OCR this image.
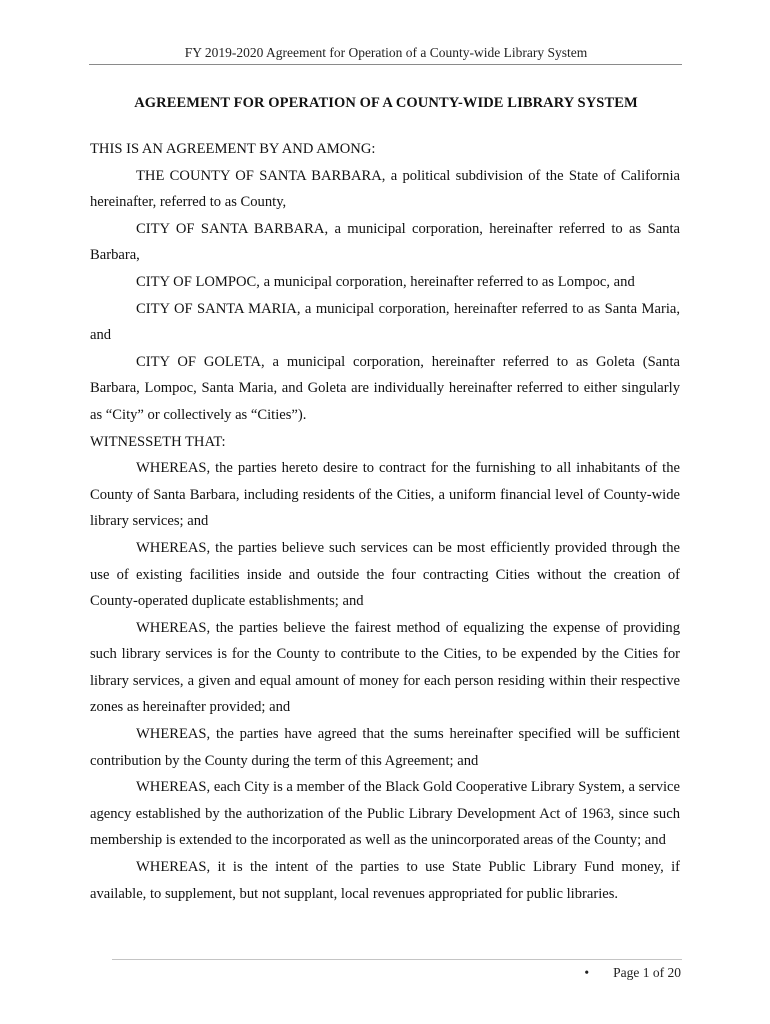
FY 2019-2020 Agreement for Operation of a County-wide Library System
AGREEMENT FOR OPERATION OF A COUNTY-WIDE LIBRARY SYSTEM

THIS IS AN AGREEMENT BY AND AMONG:

THE COUNTY OF SANTA BARBARA, a political subdivision of the State of California hereinafter, referred to as County,

CITY OF SANTA BARBARA, a municipal corporation, hereinafter referred to as Santa Barbara,

CITY OF LOMPOC, a municipal corporation, hereinafter referred to as Lompoc, and

CITY OF SANTA MARIA, a municipal corporation, hereinafter referred to as Santa Maria, and

CITY OF GOLETA, a municipal corporation, hereinafter referred to as Goleta (Santa Barbara, Lompoc, Santa Maria, and Goleta are individually hereinafter referred to either singularly as “City” or collectively as “Cities”).

WITNESSETH THAT:

WHEREAS, the parties hereto desire to contract for the furnishing to all inhabitants of the County of Santa Barbara, including residents of the Cities, a uniform financial level of County-wide library services; and

WHEREAS, the parties believe such services can be most efficiently provided through the use of existing facilities inside and outside the four contracting Cities without the creation of County-operated duplicate establishments; and

WHEREAS, the parties believe the fairest method of equalizing the expense of providing such library services is for the County to contribute to the Cities, to be expended by the Cities for library services, a given and equal amount of money for each person residing within their respective zones as hereinafter provided; and

WHEREAS, the parties have agreed that the sums hereinafter specified will be sufficient contribution by the County during the term of this Agreement; and

WHEREAS, each City is a member of the Black Gold Cooperative Library System, a service agency established by the authorization of the Public Library Development Act of 1963, since such membership is extended to the incorporated as well as the unincorporated areas of the County; and

WHEREAS, it is the intent of the parties to use State Public Library Fund money, if available, to supplement, but not supplant, local revenues appropriated for public libraries.

• Page 1 of 20
